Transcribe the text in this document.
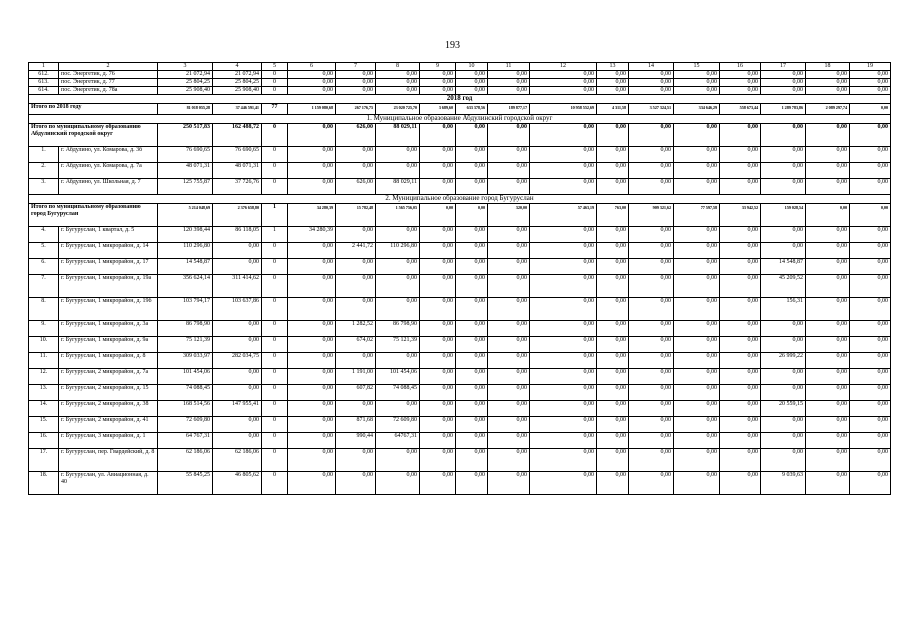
193
1	2	3	4	5	6	7	8	9	10	11	12	13	14	15	16	17	18	19
612.	пос. Энергетик, д. 76	21 072,94	21 072,94	0	0,00	0,00	0,00	0,00	0,00	0,00	0,00	0,00	0,00	0,00	0,00	0,00	0,00	0,00
613.	пос. Энергетик, д. 77	25 804,25	25 804,25	0	0,00	0,00	0,00	0,00	0,00	0,00	0,00	0,00	0,00	0,00	0,00	0,00	0,00	0,00
614.	пос. Энергетик, д. 78а	25 908,40	25 908,40	0	0,00	0,00	0,00	0,00	0,00	0,00	0,00	0,00	0,00	0,00	0,00	0,00	0,00	0,00
2018 год																		
Итого по 2018 году		81 018 055,28	37 446 591,41	77	1 159 080,68	267 176,75	23 020 725,70	3 689,60	633 378,56	189 877,17	10 958 552,69	4 311,58	3 527 324,51	334 646,29	558 673,44	1 289 783,86	2 089 297,74	0,00
1. Муниципальное образование Абдулинский городской округ																		
Итого по муниципальному образованию Абдулинский городской округ		250 517,83	162 488,72	0	0,00	626,00	88 029,11	0,00	0,00	0,00	0,00	0,00	0,00	0,00	0,00	0,00	0,00	0,00
1.	г. Абдулино, ул. Комарова, д. 3б	76 690,65	76 690,65	0	0,00	0,00	0,00	0,00	0,00	0,00	0,00	0,00	0,00	0,00	0,00	0,00	0,00	0,00
2.	г. Абдулино, ул. Комарова, д. 7а	48 071,31	48 071,31	0	0,00	0,00	0,00	0,00	0,00	0,00	0,00	0,00	0,00	0,00	0,00	0,00	0,00	0,00
3.	г. Абдулино, ул. Школьная, д. 7	125 755,87	37 726,76	0	0,00	626,00	88 029,11	0,00	0,00	0,00	0,00	0,00	0,00	0,00	0,00	0,00	0,00	0,00
2. Муниципальное образование город Бугуруслан																		
Итого по муниципальному образованию город Бугуруслан		5 214 048,69	2 376 658,80	1	34 280,39	15 782,48	1 565 756,05	0,00	0,00	320,00	57 463,19	763,00	909 321,62	77 597,58	33 942,52	159 028,54	0,00	0,00
4.	г. Бугуруслан, 1 квартал, д. 5	120 398,44	86 118,05	1	34 280,39	0,00	0,00	0,00	0,00	0,00	0,00	0,00	0,00	0,00	0,00	0,00	0,00	0,00
5.	г. Бугуруслан, 1 микрорайон, д. 14	110 296,80	0,00	0	0,00	2 441,72	110 296,80	0,00	0,00	0,00	0,00	0,00	0,00	0,00	0,00	0,00	0,00	0,00
6.	г. Бугуруслан, 1 микрорайон, д. 17	14 548,87	0,00	0	0,00	0,00	0,00	0,00	0,00	0,00	0,00	0,00	0,00	0,00	0,00	14 548,87	0,00	0,00
7.	г. Бугуруслан, 1 микрорайон, д. 19а	356 624,14	311 414,62	0	0,00	0,00	0,00	0,00	0,00	0,00	0,00	0,00	0,00	0,00	0,00	45 209,52	0,00	0,00
8.	г. Бугуруслан, 1 микрорайон, д. 19б	103 794,17	103 637,86	0	0,00	0,00	0,00	0,00	0,00	0,00	0,00	0,00	0,00	0,00	0,00	156,31	0,00	0,00
9.	г. Бугуруслан, 1 микрорайон, д. 3а	86 798,90	0,00	0	0,00	1 282,52	86 798,90	0,00	0,00	0,00	0,00	0,00	0,00	0,00	0,00	0,00	0,00	0,00
10.	г. Бугуруслан, 1 микрорайон, д. 9а	75 121,39	0,00	0	0,00	674,02	75 121,39	0,00	0,00	0,00	0,00	0,00	0,00	0,00	0,00	0,00	0,00	0,00
11.	г. Бугуруслан, 1 микрорайон, д. 8	309 033,97	282 034,75	0	0,00	0,00	0,00	0,00	0,00	0,00	0,00	0,00	0,00	0,00	0,00	26 999,22	0,00	0,00
12.	г. Бугуруслан, 2 микрорайон, д. 7а	101 454,06	0,00	0	0,00	1 191,00	101 454,06	0,00	0,00	0,00	0,00	0,00	0,00	0,00	0,00	0,00	0,00	0,00
13.	г. Бугуруслан, 2 микрорайон, д. 15	74 088,45	0,00	0	0,00	607,82	74 088,45	0,00	0,00	0,00	0,00	0,00	0,00	0,00	0,00	0,00	0,00	0,00
14.	г. Бугуруслан, 2 микрорайон, д. 38	168 514,56	147 955,41	0	0,00	0,00	0,00	0,00	0,00	0,00	0,00	0,00	0,00	0,00	0,00	20 559,15	0,00	0,00
15.	г. Бугуруслан, 2 микрорайон, д. 41	72 609,80	0,00	0	0,00	871,68	72 609,80	0,00	0,00	0,00	0,00	0,00	0,00	0,00	0,00	0,00	0,00	0,00
16.	г. Бугуруслан, 3 микрорайон, д. 1	64 767,31	0,00	0	0,00	990,44	64767,31	0,00	0,00	0,00	0,00	0,00	0,00	0,00	0,00	0,00	0,00	0,00
17.	г. Бугуруслан, пер. Гвардейский, д. 8	62 186,06	62 186,06	0	0,00	0,00	0,00	0,00	0,00	0,00	0,00	0,00	0,00	0,00	0,00	0,00	0,00	0,00
18.	г. Бугуруслан, ул. Авиационная, д. 40	55 845,25	46 805,62	0	0,00	0,00	0,00	0,00	0,00	0,00	0,00	0,00	0,00	0,00	0,00	9 039,63	0,00	0,00
